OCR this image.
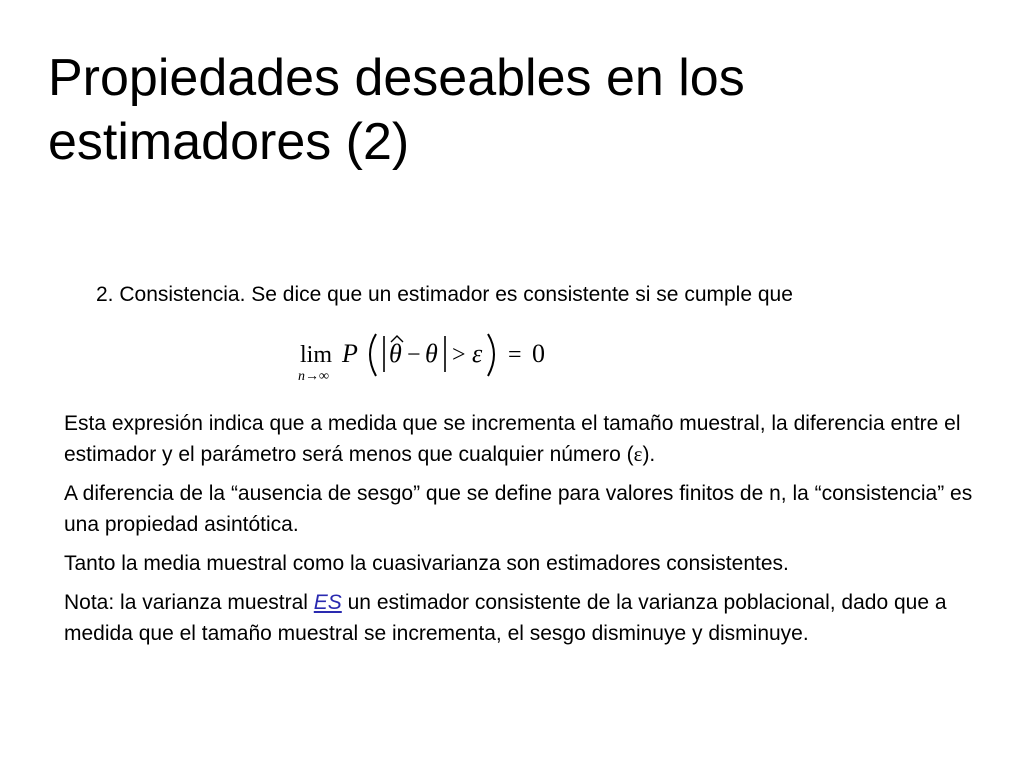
Propiedades deseables en los
estimadores (2)
2. Consistencia. Se dice que un estimador es consistente si se cumple que
lim
n→∞
P θ − θ > ε = 0

Esta expresión indica que a medida que se incrementa el tamaño muestral, la diferencia entre el estimador y el parámetro será menos que cualquier número (ε).

A diferencia de la “ausencia de sesgo” que se define para valores finitos de n, la “consistencia” es una propiedad asintótica.

Tanto la media muestral como la cuasivarianza son estimadores consistentes.

Nota: la varianza muestral ES un estimador consistente de la varianza poblacional, dado que a medida que el tamaño muestral se incrementa, el sesgo disminuye y disminuye.
